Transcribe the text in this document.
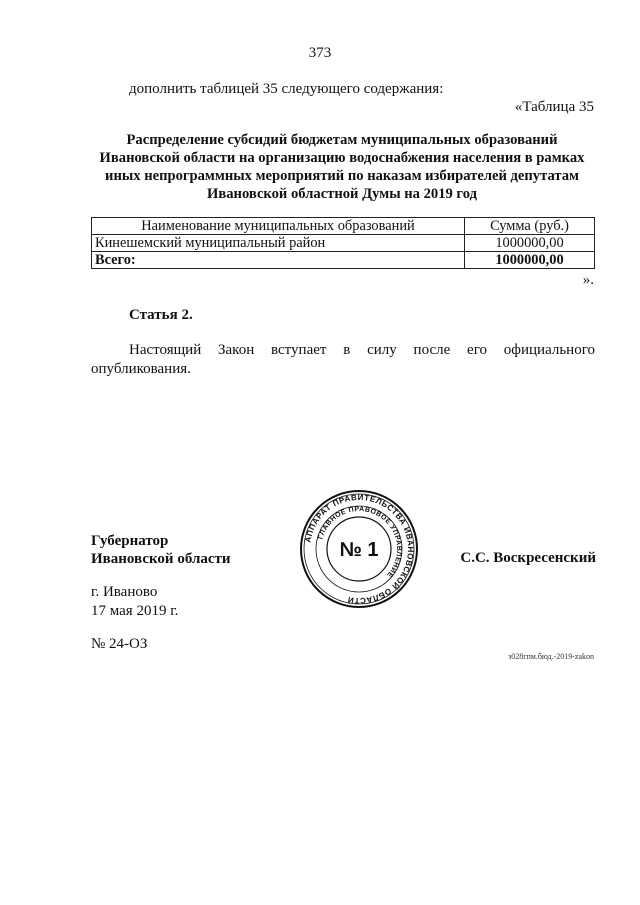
373
дополнить таблицей 35 следующего содержания:
«Таблица 35
Распределение субсидий бюджетам муниципальных образований
Ивановской области на организацию водоснабжения населения в рамках
иных непрограммных мероприятий по наказам избирателей депутатам
Ивановской областной Думы на 2019 год
Наименование муниципальных образований	Сумма (руб.)
Кинешемский муниципальный район	1000000,00
Всего:	1000000,00
».
Статья 2.
Настоящий Закон вступает в силу после его официального опубликования.
Губернатор
Ивановской области
АППАРАТ ПРАВИТЕЛЬСТВА ИВАНОВСКОЙ ОБЛАСТИ
ГЛАВНОЕ ПРАВОВОЕ УПРАВЛЕНИЕ
№ 1	С.С. Воскресенский
г. Иваново
17 мая 2019 г.
№ 24-ОЗ
з028гпм.бюд.-2019-zakon
